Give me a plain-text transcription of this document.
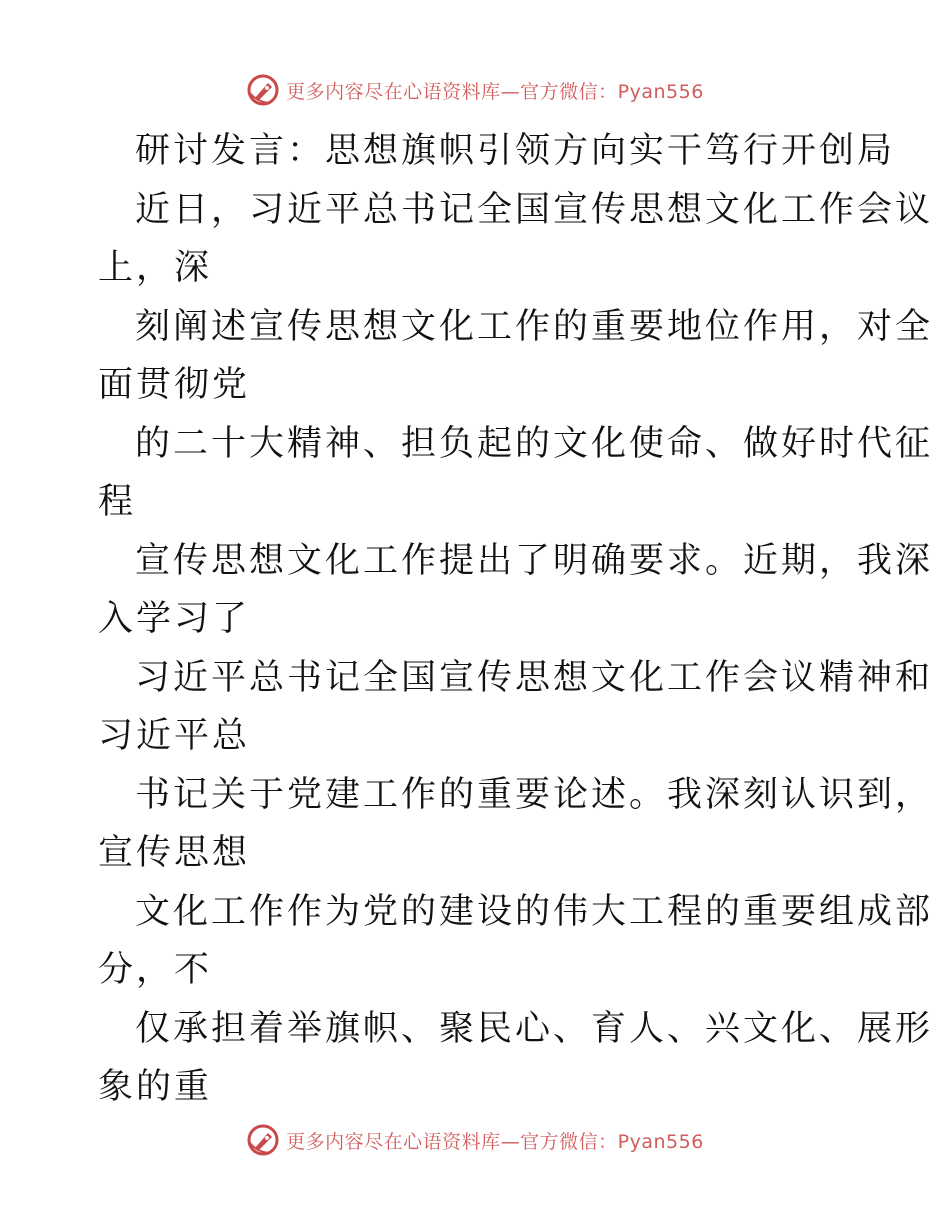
更多内容尽在心语资料库—官方微信：Pyan556
研讨发言：思想旗帜引领方向实干笃行开创局
近日，习近平总书记全国宣传思想文化工作会议
上，深
刻阐述宣传思想文化工作的重要地位作用，对全
面贯彻党
的二十大精神、担负起的文化使命、做好时代征
程
宣传思想文化工作提出了明确要求。近期，我深
入学习了
习近平总书记全国宣传思想文化工作会议精神和
习近平总
书记关于党建工作的重要论述。我深刻认识到，
宣传思想
文化工作作为党的建设的伟大工程的重要组成部
分，不
仅承担着举旗帜、聚民心、育人、兴文化、展形
象的重
更多内容尽在心语资料库—官方微信：Pyan556
